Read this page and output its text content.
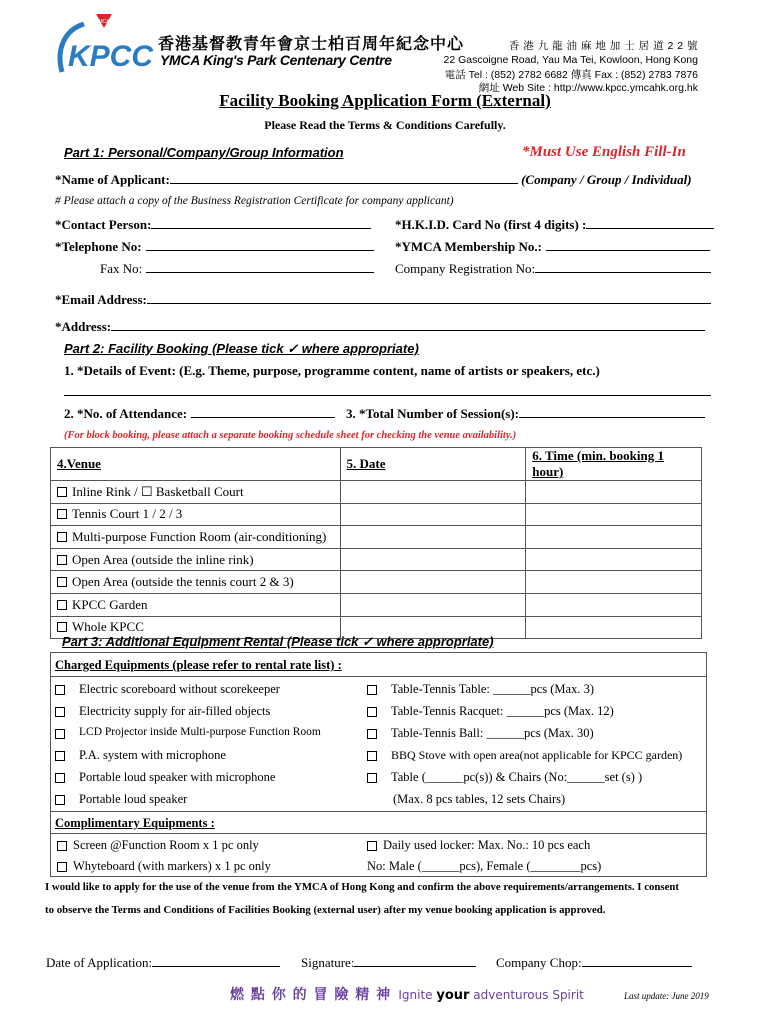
KPCC
YMCA
香港基督教青年會京士柏百周年紀念中心
YMCA King's Park Centenary Centre
香 港 九 龍 油 麻 地 加 士 居 道 2 2 號
22 Gascoigne Road, Yau Ma Tei, Kowloon, Hong Kong
電話 Tel : (852) 2782 6682 傳真 Fax : (852) 2783 7876
網址 Web Site : http://www.kpcc.ymcahk.org.hk
Facility Booking Application Form (External)
Please Read the Terms & Conditions Carefully.
Part 1: Personal/Company/Group Information	*Must Use English Fill-In
*Name of Applicant:	(Company / Group / Individual)
# Please attach a copy of the Business Registration Certificate for company applicant)
*Contact Person:	*H.K.I.D. Card No (first 4 digits) :
*Telephone No:	*YMCA Membership No.:
Fax No:	Company Registration No:
*Email Address:
*Address:
Part 2: Facility Booking (Please tick ✓ where appropriate)
1. *Details of Event: (E.g. Theme, purpose, programme content, name of artists or speakers, etc.)
2. *No. of Attendance:	3. *Total Number of Session(s):
(For block booking, please attach a separate booking schedule sheet for checking the venue availability.)
4.Venue	5. Date	6. Time (min. booking 1 hour)
Inline Rink / ☐ Basketball Court		
Tennis Court 1 / 2 / 3		
Multi-purpose Function Room (air-conditioning)		
Open Area (outside the inline rink)		
Open Area (outside the tennis court 2 & 3)		
KPCC Garden		
Whole KPCC		
Part 3: Additional Equipment Rental (Please tick ✓ where appropriate)
Charged Equipments (please refer to rental rate list) :
Electric scoreboard without scorekeeper	Table-Tennis Table: ______pcs (Max. 3)
Electricity supply for air-filled objects	Table-Tennis Racquet: ______pcs (Max. 12)
LCD Projector inside Multi-purpose Function Room	Table-Tennis Ball: ______pcs (Max. 30)
P.A. system with microphone	BBQ Stove with open area(not applicable for KPCC garden)
Portable loud speaker with microphone	Table (______pc(s)) & Chairs (No:______set (s) )
Portable loud speaker	(Max. 8 pcs tables, 12 sets Chairs)
Complimentary Equipments :
Screen @Function Room x 1 pc only	Daily used locker: Max. No.: 10 pcs each
Whyteboard (with markers) x 1 pc only	No: Male (______pcs), Female (________pcs)
I would like to apply for the use of the venue from the YMCA of Hong Kong and confirm the above requirements/arrangements. I consent
to observe the Terms and Conditions of Facilities Booking (external user) after my venue booking application is approved.
Date of Application:	Signature:	Company Chop:
燃 點 你 的 冒 險 精 神 Ignite your adventurous Spirit	Last update: June 2019
